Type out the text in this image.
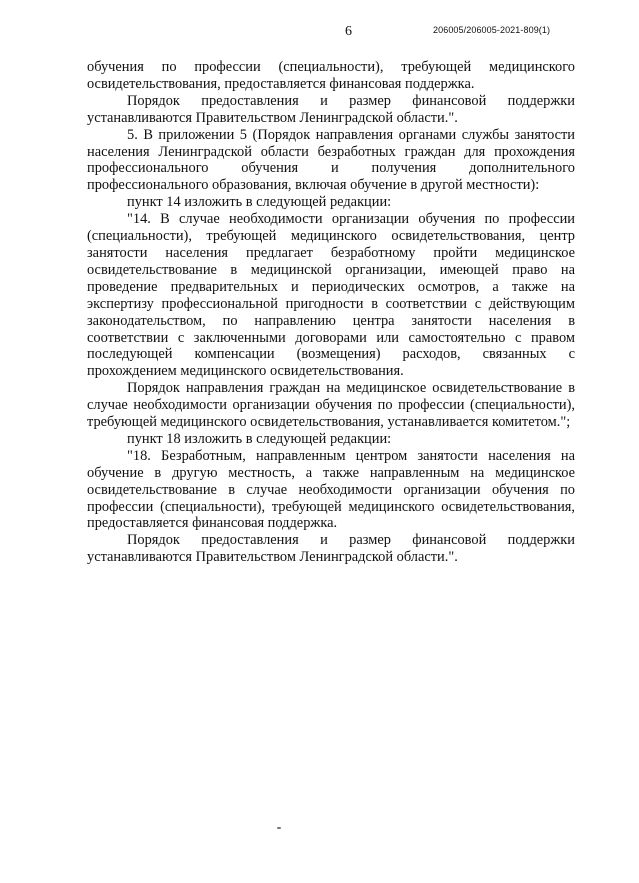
6	206005/206005-2021-809(1)

обучения по профессии (специальности), требующей медицинского освидетельствования, предоставляется финансовая поддержка.

Порядок предоставления и размер финансовой поддержки устанавливаются Правительством Ленинградской области.".

5. В приложении 5 (Порядок направления органами службы занятости населения Ленинградской области безработных граждан для прохождения профессионального обучения и получения дополнительного профессионального образования, включая обучение в другой местности):

пункт 14 изложить в следующей редакции:

"14. В случае необходимости организации обучения по профессии (специальности), требующей медицинского освидетельствования, центр занятости населения предлагает безработному пройти медицинское освидетельствование в медицинской организации, имеющей право на проведение предварительных и периодических осмотров, а также на экспертизу профессиональной пригодности в соответствии с действующим законодательством, по направлению центра занятости населения в соответствии с заключенными договорами или самостоятельно с правом последующей компенсации (возмещения) расходов, связанных с прохождением медицинского освидетельствования.

Порядок направления граждан на медицинское освидетельствование в случае необходимости организации обучения по профессии (специальности), требующей медицинского освидетельствования, устанавливается комитетом.";

пункт 18 изложить в следующей редакции:

"18. Безработным, направленным центром занятости населения на обучение в другую местность, а также направленным на медицинское освидетельствование в случае необходимости организации обучения по профессии (специальности), требующей медицинского освидетельствования, предоставляется финансовая поддержка.

Порядок предоставления и размер финансовой поддержки устанавливаются Правительством Ленинградской области.".
